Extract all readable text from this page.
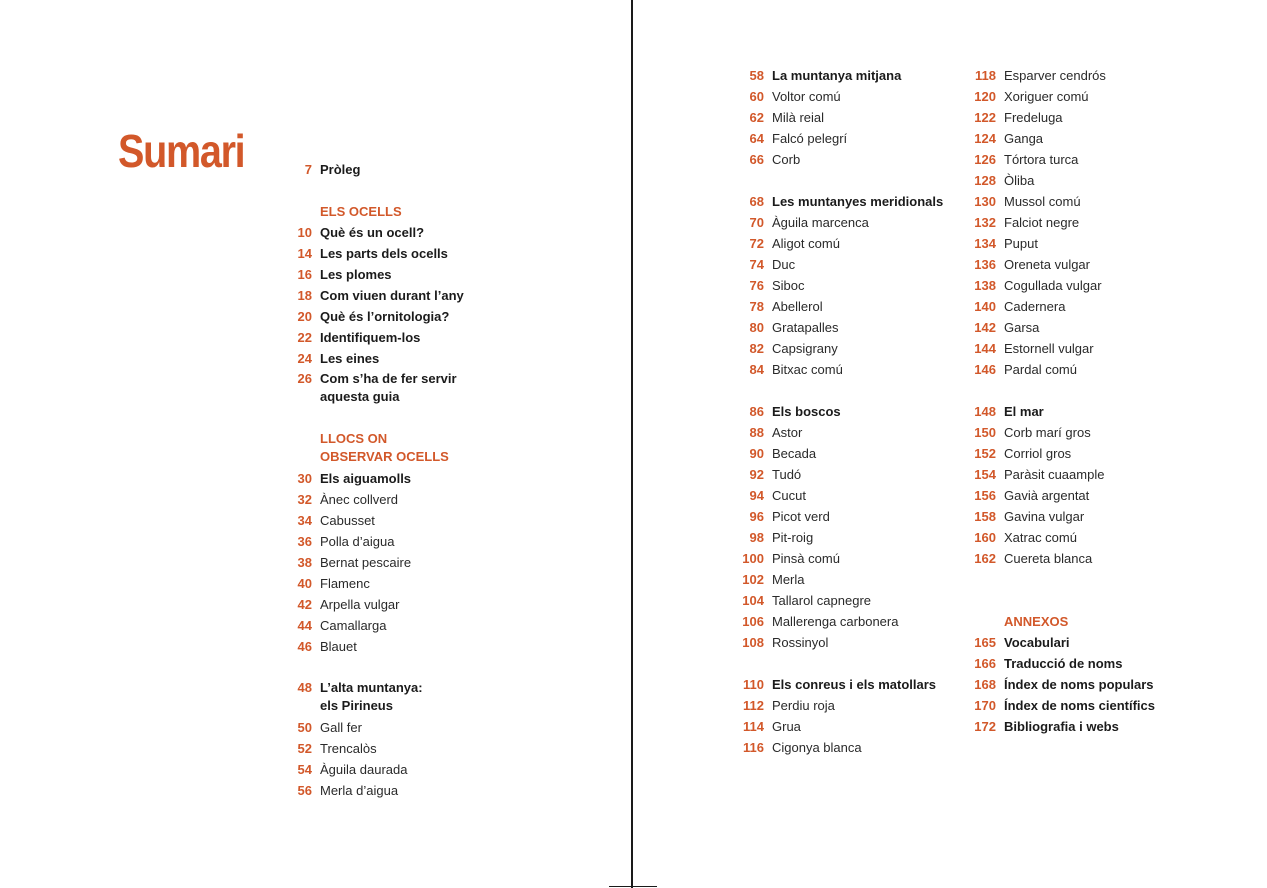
Sumari	7 Pròleg
ELS OCELLS
10 Què és un ocell?
14 Les parts dels ocells
16 Les plomes
18 Com viuen durant l’any
20 Què és l’ornitologia?
22 Identifiquem-los
24 Les eines
26 Com s’ha de fer servir
aquesta guia
LLOCS ON
OBSERVAR OCELLS
30 Els aiguamolls
32 Ànec collverd
34 Cabusset
36 Polla d’aigua
38 Bernat pescaire
40 Flamenc
42 Arpella vulgar
44 Camallarga
46 Blauet
48 L’alta muntanya:
els Pirineus
50 Gall fer
52 Trencalòs
54 Àguila daurada
56 Merla d’aigua
58 La muntanya mitjana
60 Voltor comú
62 Milà reial
64 Falcó pelegrí
66 Corb
68 Les muntanyes meridionals
70 Àguila marcenca
72 Aligot comú
74 Duc
76 Siboc
78 Abellerol
80 Gratapalles
82 Capsigrany
84 Bitxac comú
86 Els boscos
88 Astor
90 Becada
92 Tudó
94 Cucut
96 Picot verd
98 Pit-roig
100 Pinsà comú
102 Merla
104 Tallarol capnegre
106 Mallerenga carbonera
108 Rossinyol
110 Els conreus i els matollars
112 Perdiu roja
114 Grua
116 Cigonya blanca
118 Esparver cendrós
120 Xoriguer comú
122 Fredeluga
124 Ganga
126 Tórtora turca
128 Òliba
130 Mussol comú
132 Falciot negre
134 Puput
136 Oreneta vulgar
138 Cogullada vulgar
140 Cadernera
142 Garsa
144 Estornell vulgar
146 Pardal comú
148 El mar
150 Corb marí gros
152 Corriol gros
154 Paràsit cuaample
156 Gavià argentat
158 Gavina vulgar
160 Xatrac comú
162 Cuereta blanca
ANNEXOS
165 Vocabulari
166 Traducció de noms
168 Índex de noms populars
170 Índex de noms científics
172 Bibliografia i webs
